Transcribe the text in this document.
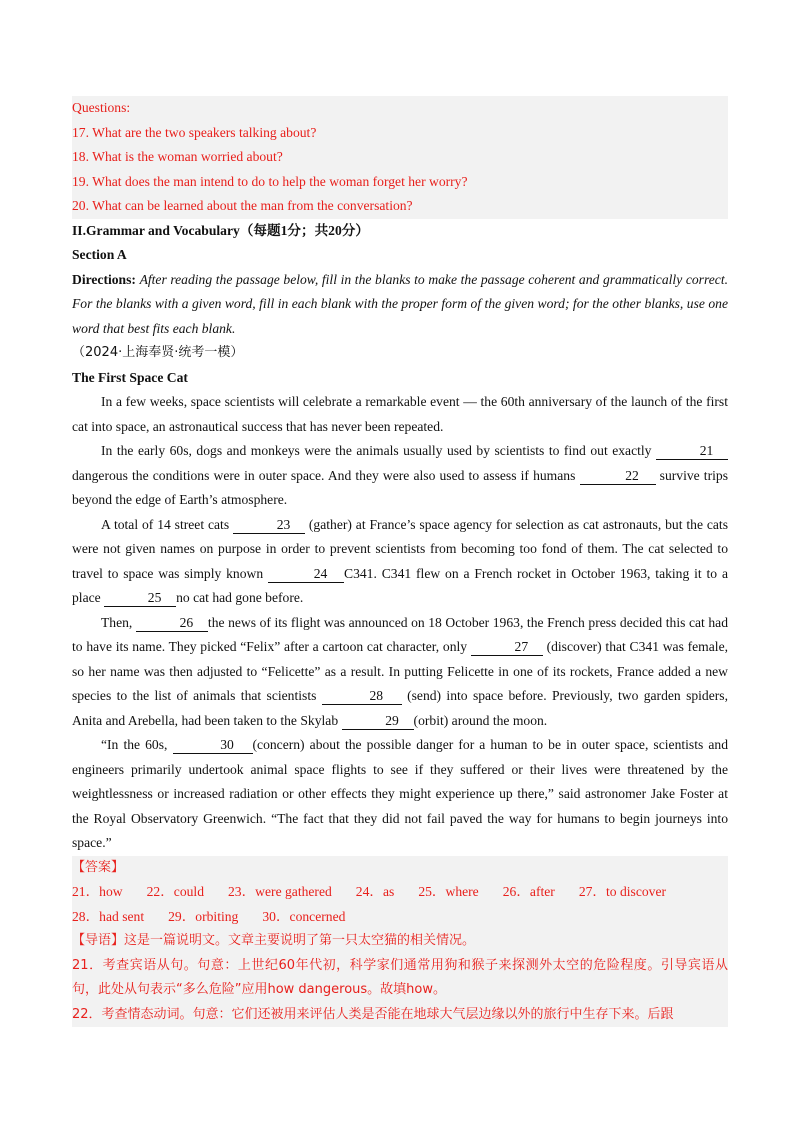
Questions:
17. What are the two speakers talking about?
18. What is the woman worried about?
19. What does the man intend to do to help the woman forget her worry?
20. What can be learned about the man from the conversation?
II.Grammar and Vocabulary（每题1分；共20分）
Section A
Directions: After reading the passage below, fill in the blanks to make the passage coherent and grammatically correct. For the blanks with a given word, fill in each blank with the proper form of the given word; for the other blanks, use one word that best fits each blank.
（2024·上海奉贤·统考一模）
The First Space Cat

In a few weeks, space scientists will celebrate a remarkable event — the 60th anniversary of the launch of the first cat into space, an astronautical success that has never been repeated.

In the early 60s, dogs and monkeys were the animals usually used by scientists to find out exactly	21 dangerous the conditions were in outer space. And they were also used to assess if humans	22 survive trips beyond the edge of Earth’s atmosphere.

A total of 14 street cats	23 (gather) at France’s space agency for selection as cat astronauts, but the cats were not given names on purpose in order to prevent scientists from becoming too fond of them. The cat selected to travel to space was simply known	24 C341. C341 flew on a French rocket in October 1963, taking it to a place	25 no cat had gone before.

Then,	26 the news of its flight was announced on 18 October 1963, the French press decided this cat had to have its name. They picked “Felix” after a cartoon cat character, only	27 (discover) that C341 was female, so her name was then adjusted to “Felicette” as a result. In putting Felicette in one of its rockets, France added a new species to the list of animals that scientists	28 (send) into space before. Previously, two garden spiders, Anita and Arebella, had been taken to the Skylab	29 (orbit) around the moon.

“In the 60s,	30 (concern) about the possible danger for a human to be in outer space, scientists and engineers primarily undertook animal space flights to see if they suffered or their lives were threatened by the weightlessness or increased radiation or other effects they might experience up there,” said astronomer Jake Foster at the Royal Observatory Greenwich. “The fact that they did not fail paved the way for humans to begin journeys into space.”

【答案】
21．how 22．could 23．were gathered 24．as 25．where 26．after 27．to discover
28．had sent 29．orbiting 30．concerned
【导语】这是一篇说明文。文章主要说明了第一只太空猫的相关情况。
21．考查宾语从句。句意：上世纪60年代初，科学家们通常用狗和猴子来探测外太空的危险程度。引导宾语从句，此处从句表示“多么危险”应用how dangerous。故填how。
22．考查情态动词。句意：它们还被用来评估人类是否能在地球大气层边缘以外的旅行中生存下来。后跟
